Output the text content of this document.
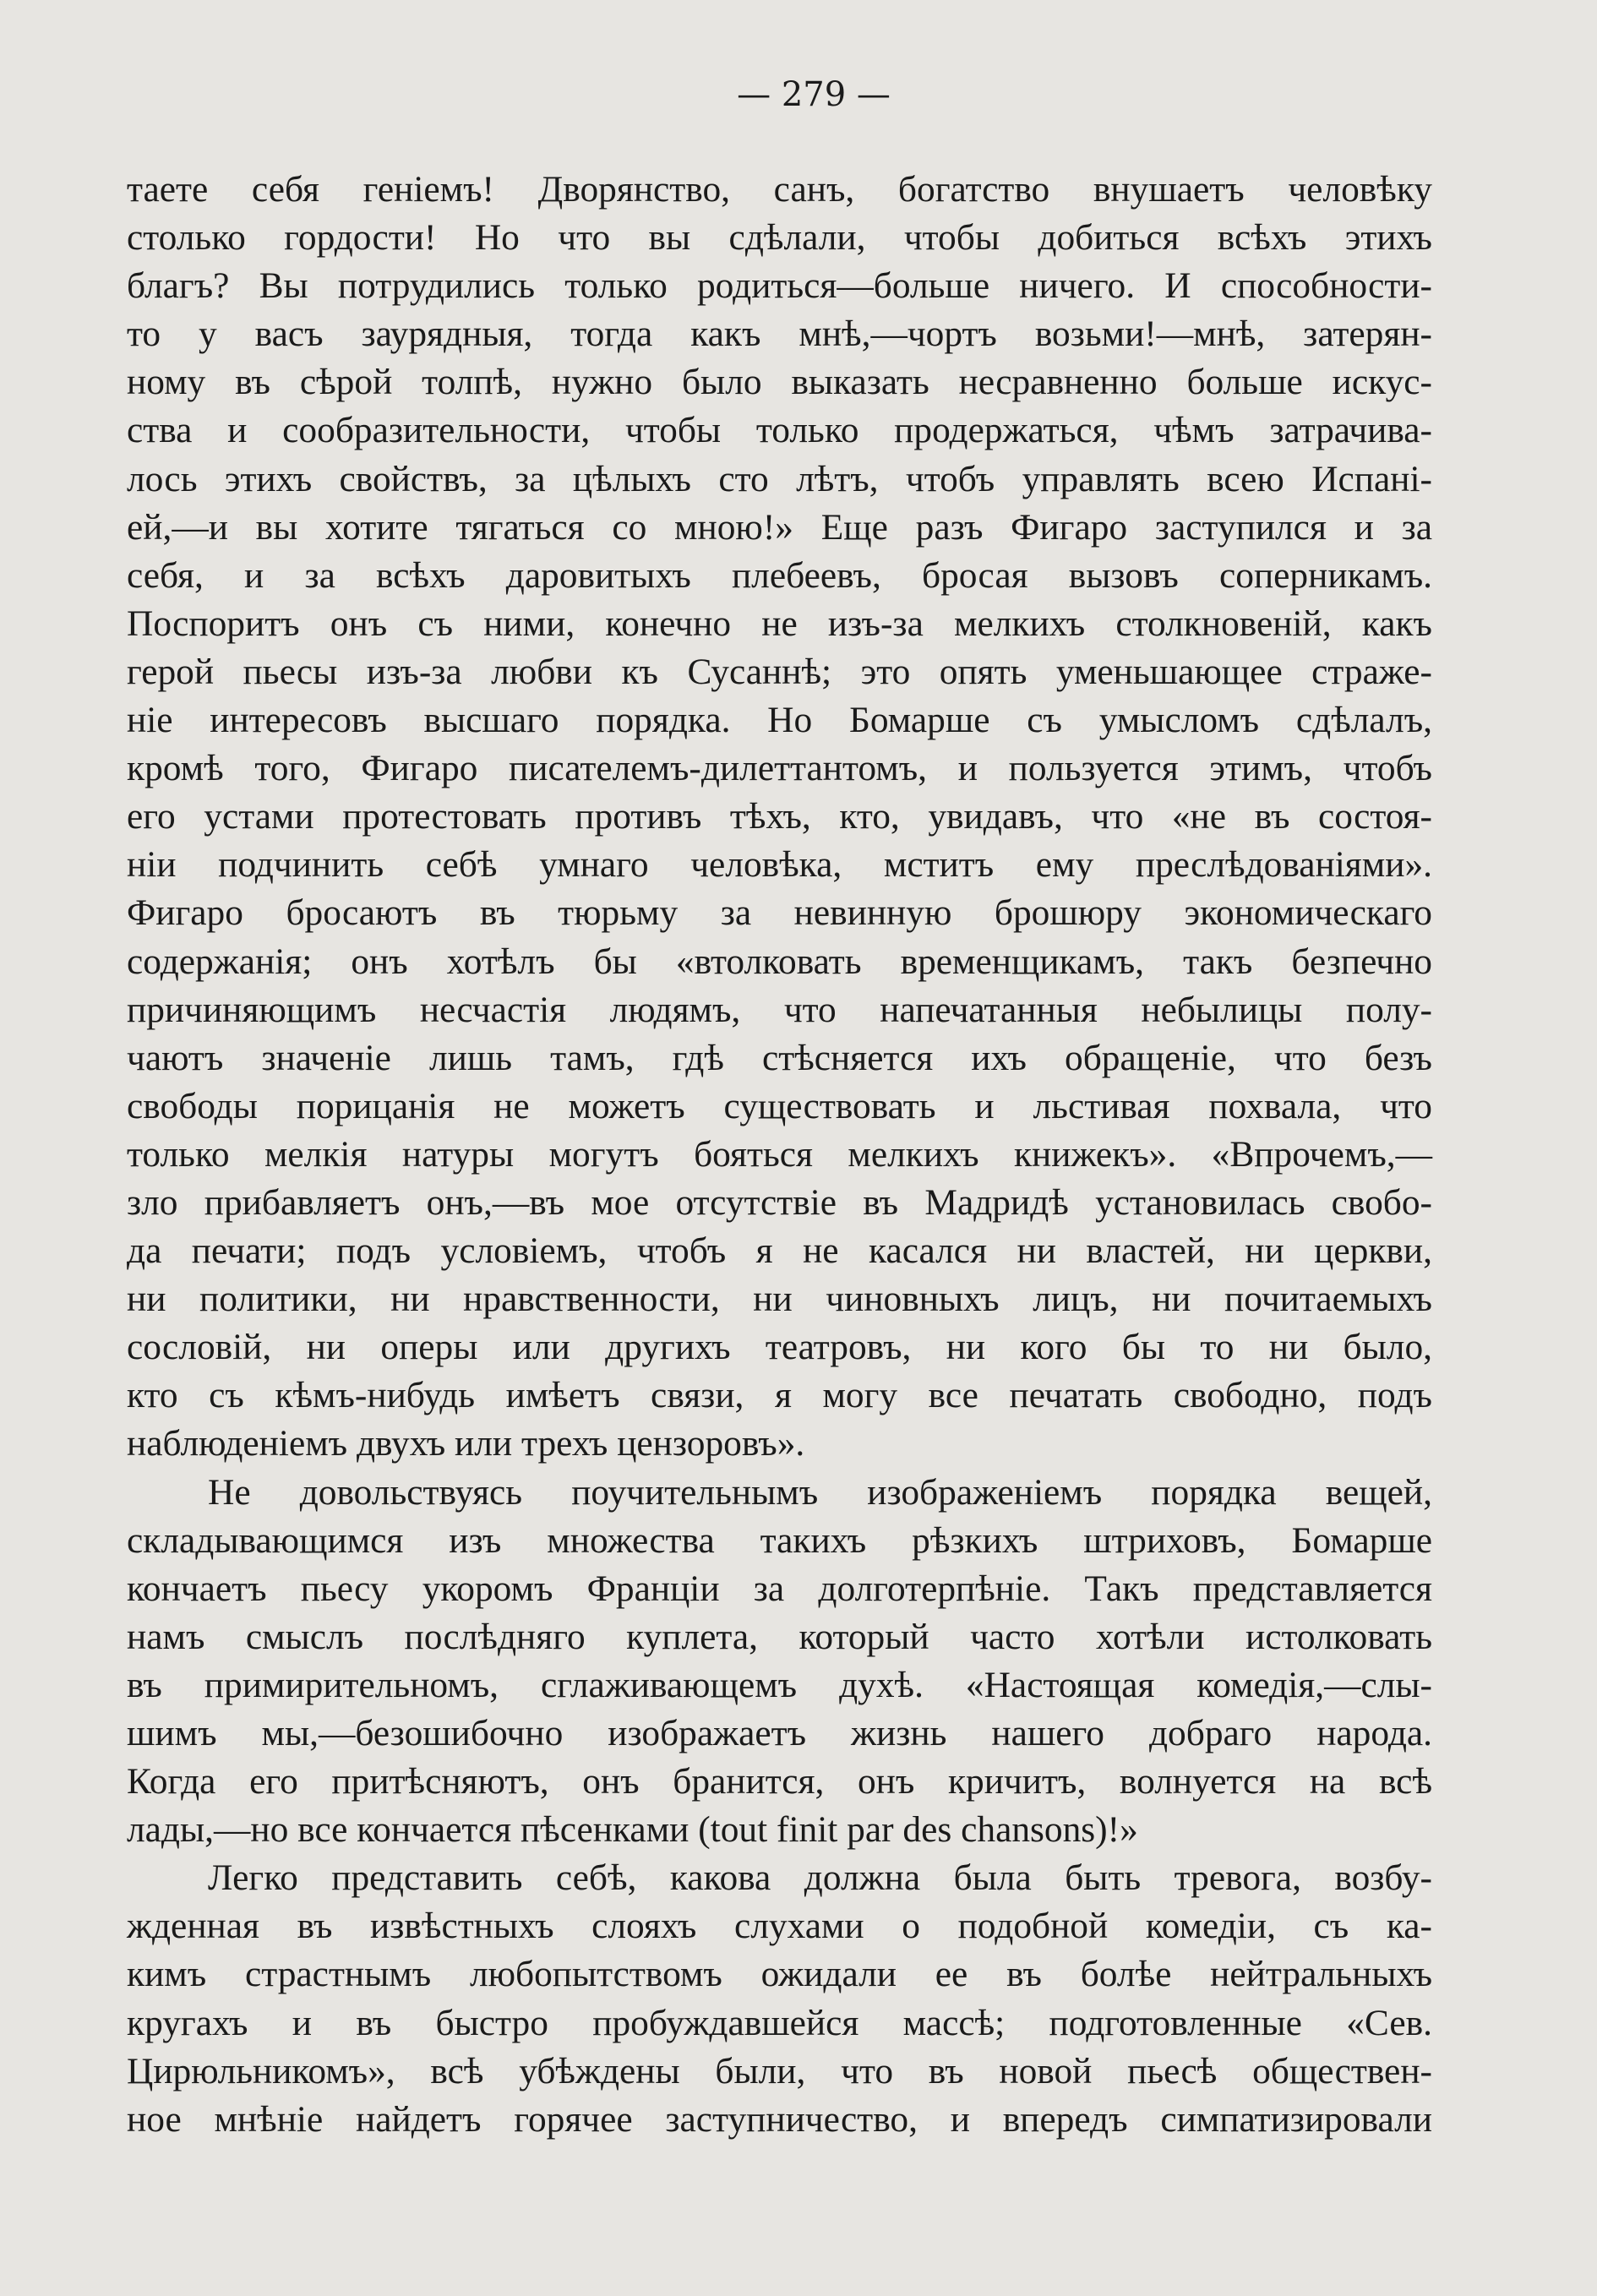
— 279 —
таете себя геніемъ! Дворянство, санъ, богатство внушаетъ человѣку
столько гордости! Но что вы сдѣлали, чтобы добиться всѣхъ этихъ
благъ? Вы потрудились только родиться—больше ничего. И способности-
то у васъ заурядныя, тогда какъ мнѣ,—чортъ возьми!—мнѣ, затерян-
ному въ сѣрой толпѣ, нужно было выказать несравненно больше искус-
ства и сообразительности, чтобы только продержаться, чѣмъ затрачива-
лось этихъ свойствъ, за цѣлыхъ сто лѣтъ, чтобъ управлять всею Испані-
ей,—и вы хотите тягаться со мною!» Еще разъ Фигаро заступился и за
себя, и за всѣхъ даровитыхъ плебеевъ, бросая вызовъ соперникамъ.
Поспоритъ онъ съ ними, конечно не изъ-за мелкихъ столкновеній, какъ
герой пьесы изъ-за любви къ Сусаннѣ; это опять уменьшающее страже-
ніе интересовъ высшаго порядка. Но Бомарше съ умысломъ сдѣлалъ,
кромѣ того, Фигаро писателемъ-дилеттантомъ, и пользуется этимъ, чтобъ
его устами протестовать противъ тѣхъ, кто, увидавъ, что «не въ состоя-
ніи подчинить себѣ умнаго человѣка, мститъ ему преслѣдованіями».
Фигаро бросаютъ въ тюрьму за невинную брошюру экономическаго
содержанія; онъ хотѣлъ бы «втолковать временщикамъ, такъ безпечно
причиняющимъ несчастія людямъ, что напечатанныя небылицы полу-
чаютъ значеніе лишь тамъ, гдѣ стѣсняется ихъ обращеніе, что безъ
свободы порицанія не можетъ существовать и льстивая похвала, что
только мелкія натуры могутъ бояться мелкихъ книжекъ». «Впрочемъ,—
зло прибавляетъ онъ,—въ мое отсутствіе въ Мадридѣ установилась свобо-
да печати; подъ условіемъ, чтобъ я не касался ни властей, ни церкви,
ни политики, ни нравственности, ни чиновныхъ лицъ, ни почитаемыхъ
сословій, ни оперы или другихъ театровъ, ни кого бы то ни было,
кто съ кѣмъ-нибудь имѣетъ связи, я могу все печатать свободно, подъ
наблюденіемъ двухъ или трехъ цензоровъ».
Не довольствуясь поучительнымъ изображеніемъ порядка вещей,
складывающимся изъ множества такихъ рѣзкихъ штриховъ, Бомарше
кончаетъ пьесу укоромъ Франціи за долготерпѣніе. Такъ представляется
намъ смыслъ послѣдняго куплета, который часто хотѣли истолковать
въ примирительномъ, сглаживающемъ духѣ. «Настоящая комедія,—слы-
шимъ мы,—безошибочно изображаетъ жизнь нашего добраго народа.
Когда его притѣсняютъ, онъ бранится, онъ кричитъ, волнуется на всѣ
лады,—но все кончается пѣсенками (tout finit par des chansons)!»
Легко представить себѣ, какова должна была быть тревога, возбу-
жденная въ извѣстныхъ слояхъ слухами о подобной комедіи, съ ка-
кимъ страстнымъ любопытствомъ ожидали ее въ болѣе нейтральныхъ
кругахъ и въ быстро пробуждавшейся массѣ; подготовленные «Сев.
Цирюльникомъ», всѣ убѣждены были, что въ новой пьесѣ обществен-
ное мнѣніе найдетъ горячее заступничество, и впередъ симпатизировали
